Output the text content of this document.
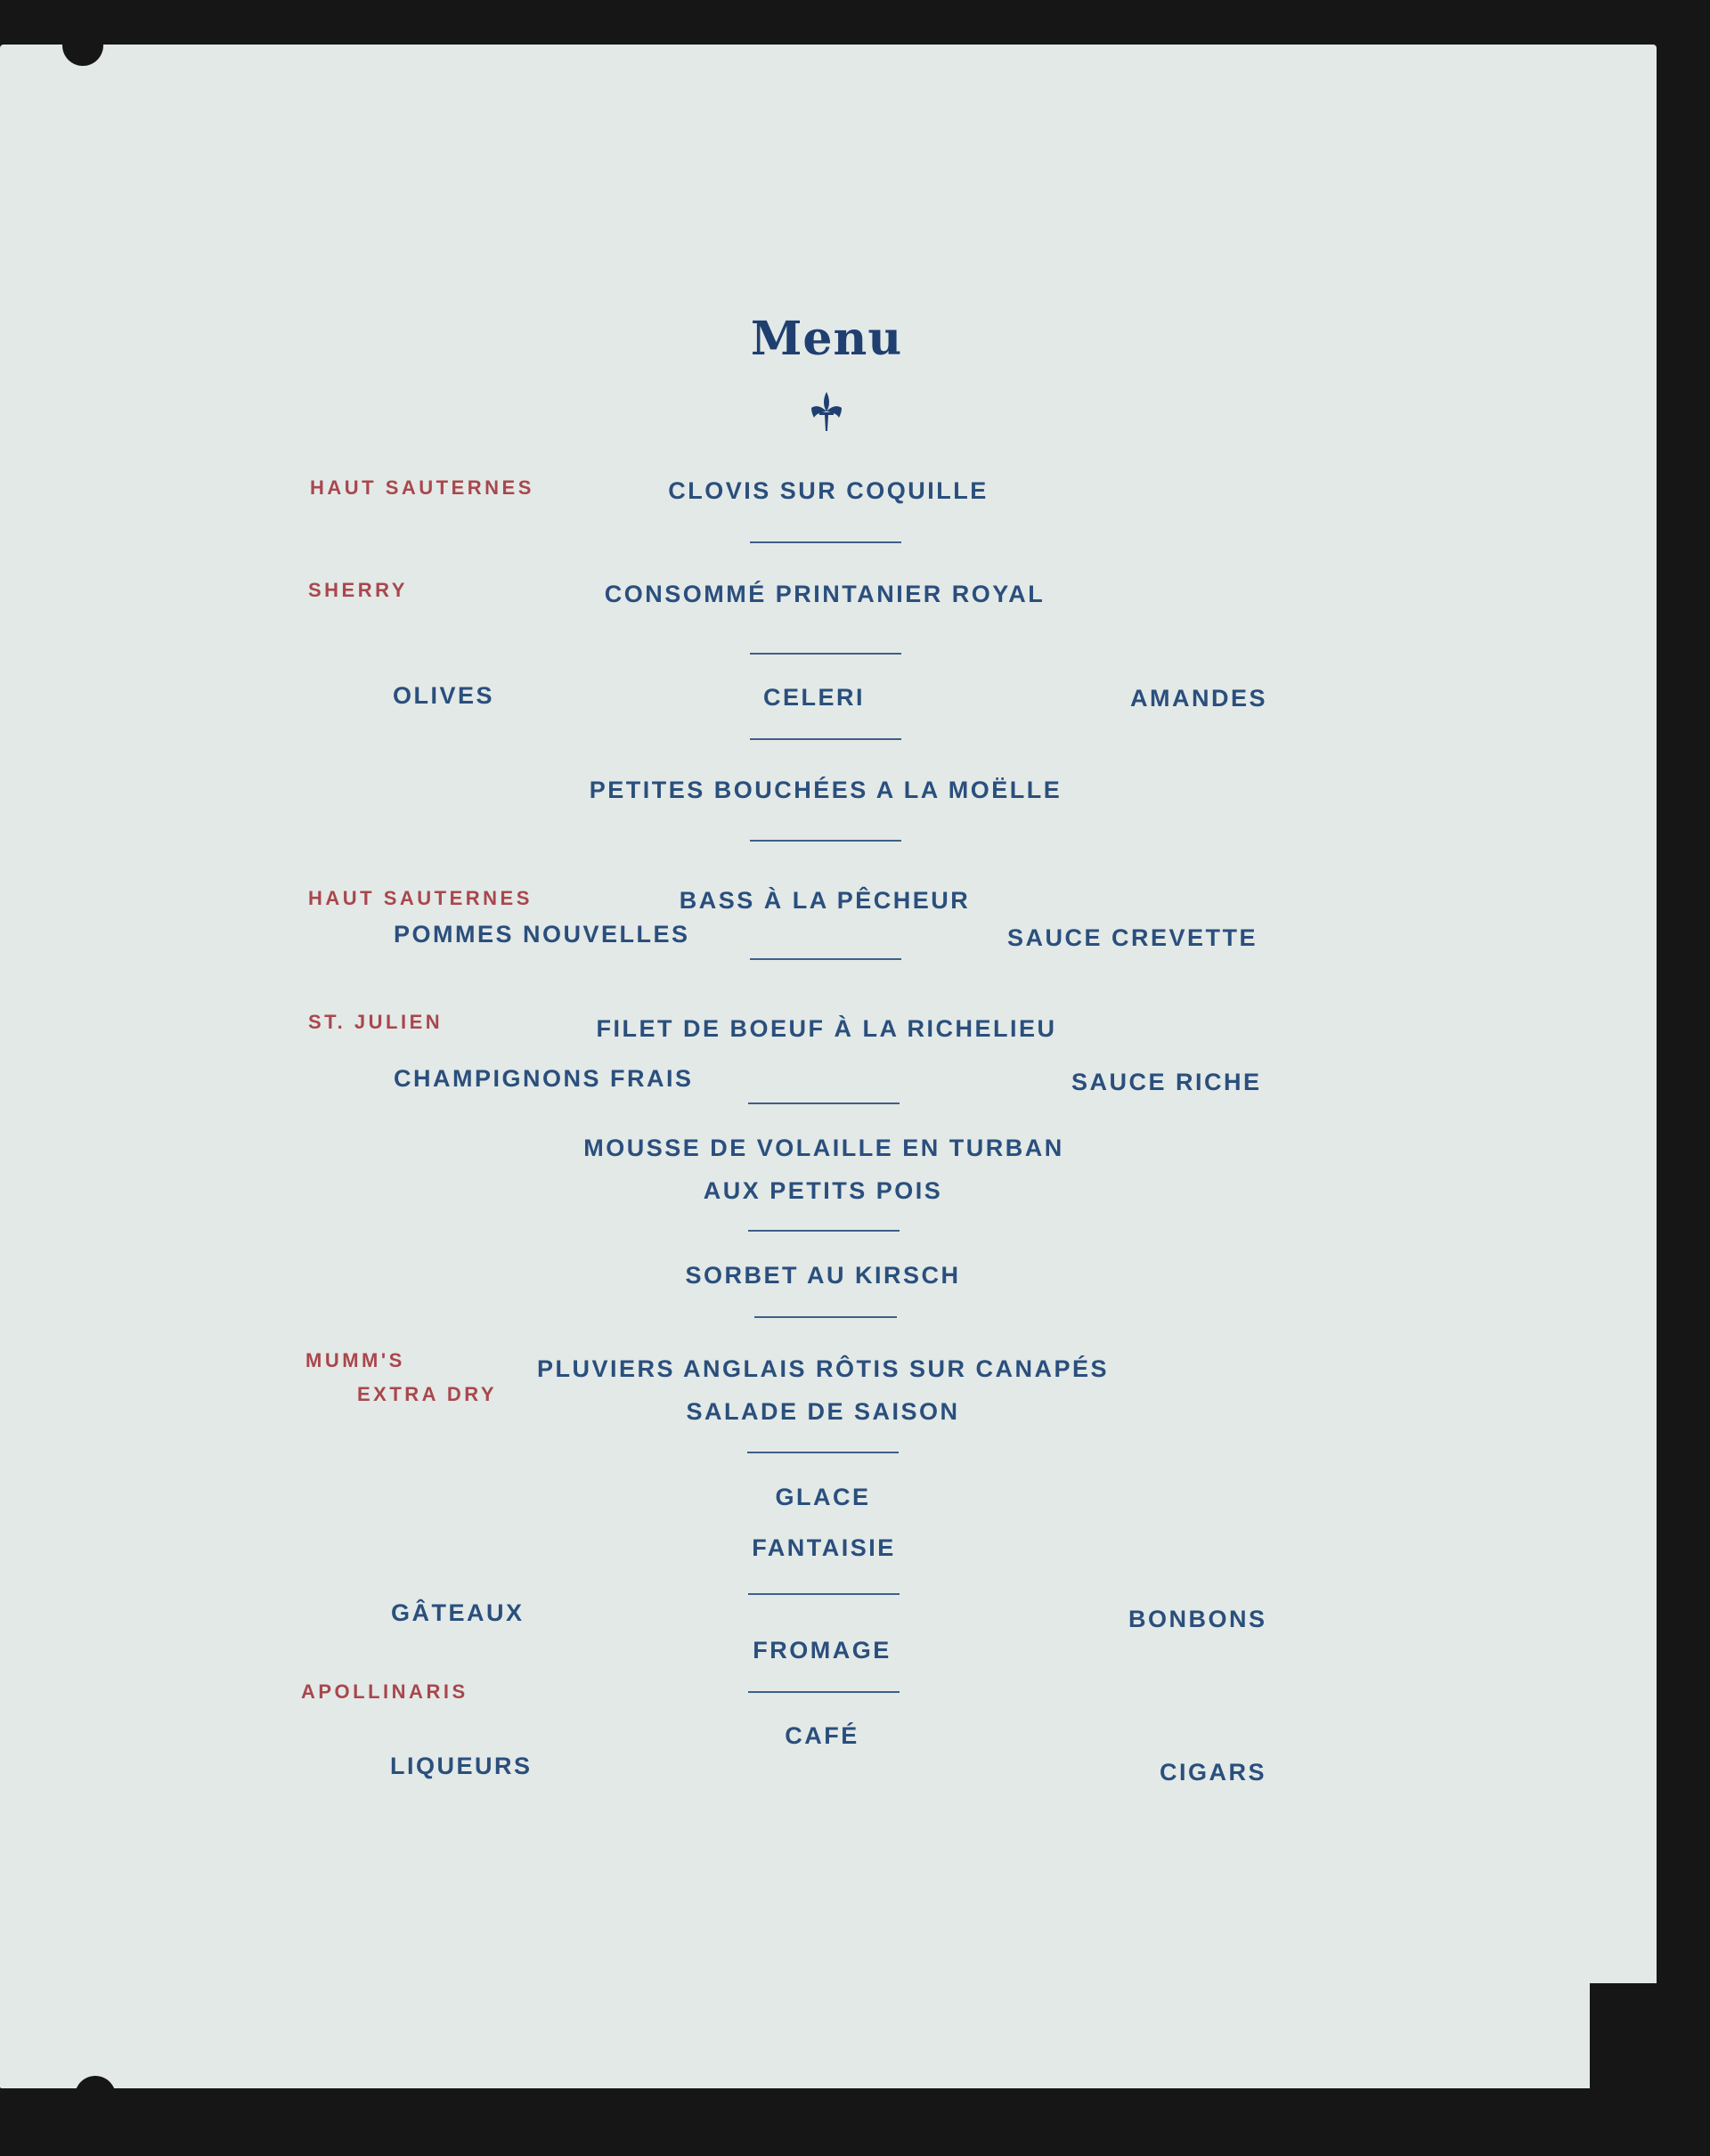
Menu
HAUT SAUTERNES
SHERRY
HAUT SAUTERNES
ST. JULIEN
MUMM'S
EXTRA DRY
APOLLINARIS
CLOVIS SUR COQUILLE
CONSOMMÉ PRINTANIER ROYAL
OLIVES	CELERI	AMANDES
PETITES BOUCHÉES A LA MOËLLE
BASS À LA PÊCHEUR
POMMES NOUVELLES	SAUCE CREVETTE
FILET DE BOEUF À LA RICHELIEU
CHAMPIGNONS FRAIS	SAUCE RICHE
MOUSSE DE VOLAILLE EN TURBAN
AUX PETITS POIS
SORBET AU KIRSCH
PLUVIERS ANGLAIS RÔTIS SUR CANAPÉS
SALADE DE SAISON
GLACE
FANTAISIE
GÂTEAUX	BONBONS
FROMAGE
CAFÉ
LIQUEURS	CIGARS
